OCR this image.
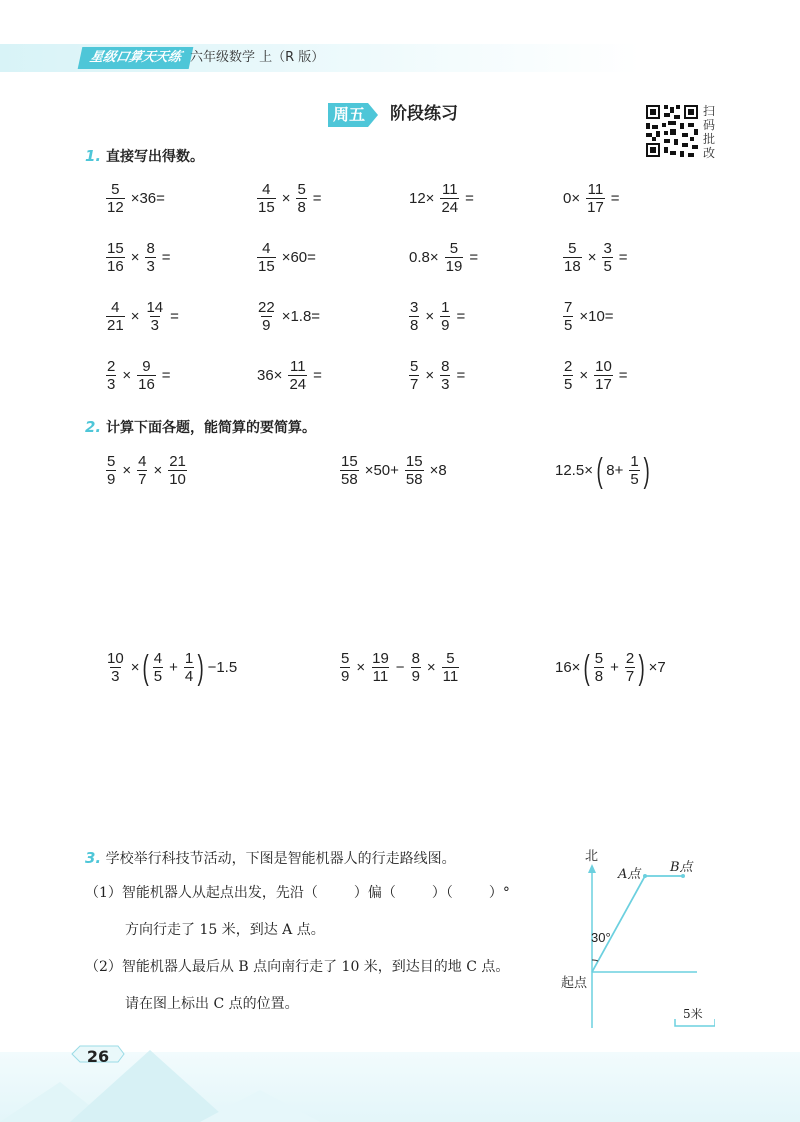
星级口算天天练 六年级数学 上（R 版）
周五 阶段练习	扫码批改
1. 直接写出得数。
$\frac{5}{12} \times 36=$	$\frac{4}{15} \times \frac{5}{8}$ =	$12\times \frac{11}{24}$ =	$0\times \frac{11}{17}$ =
$\frac{15}{16} \times \frac{8}{3}$ =	$\frac{4}{15} \times 60=$	$0.8\times \frac{5}{19}$ =	$\frac{5}{18} \times \frac{3}{5}$ =
$\frac{4}{21} \times \frac{14}{3}$ =	$\frac{22}{9} \times 1.8=$	$\frac{3}{8} \times \frac{1}{9}$ =	$\frac{7}{5} \times 10=$
$\frac{2}{3} \times \frac{9}{16}$ =	$36\times \frac{11}{24}$ =	$\frac{5}{7} \times \frac{8}{3}$ =	$\frac{2}{5} \times \frac{10}{17}$ =
2. 计算下面各题，能简算的要简算。
$\frac{5}{9} \times \frac{4}{7} \times \frac{21}{10}$	$\frac{15}{58} \times 50+ \frac{15}{58} \times 8$	12.5× ( $8+ \frac{1}{5}$ )
$\frac{10}{3}$ × ( $\frac{4}{5} + \frac{1}{4}$ ) −1.5	$\frac{5}{9} \times \frac{19}{11} - \frac{8}{9} \times \frac{5}{11}$	16× ( $\frac{5}{8} + \frac{2}{7}$ ) ×7
3. 学校举行科技节活动，下图是智能机器人的行走路线图。
（1）智能机器人从起点出发，先沿（	）偏（	）（	）°
方向行走了 15 米，到达 A 点。
（2）智能机器人最后从 B 点向南行走了 10 米，到达目的地 C 点。
请在图上标出 C 点的位置。
北
A点 B点
30°
起点
5米
26
